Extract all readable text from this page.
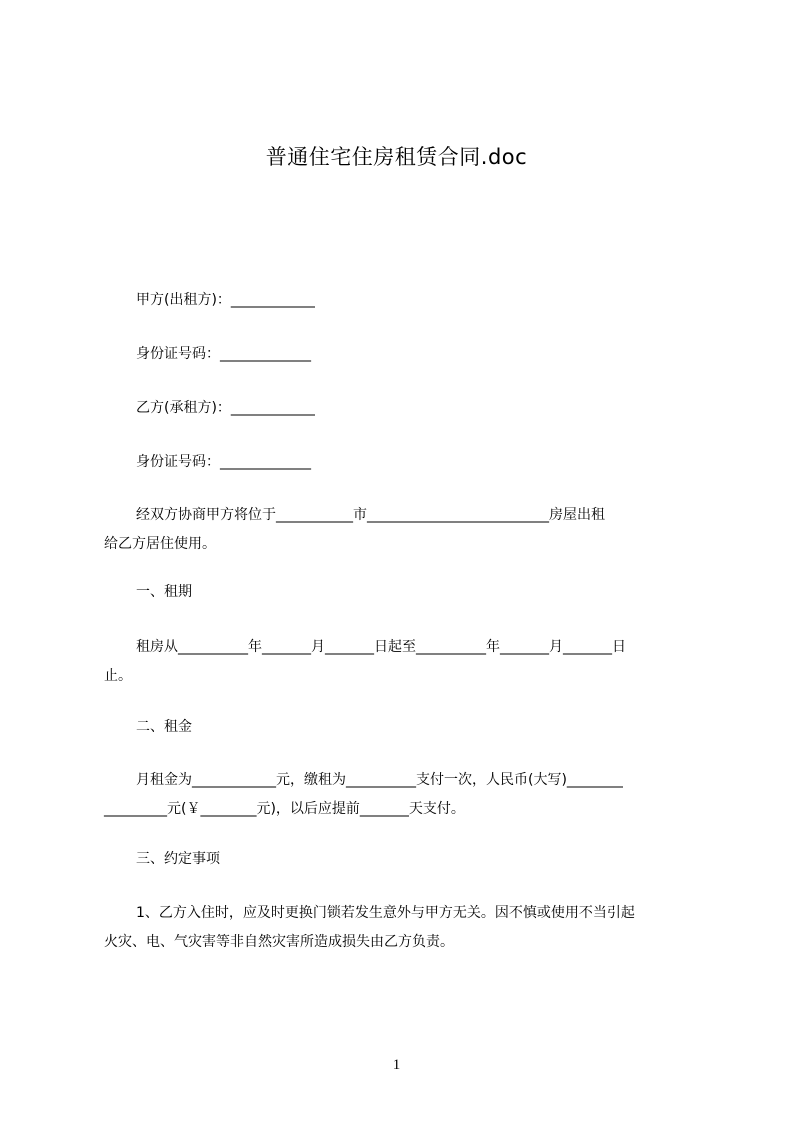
普通住宅住房租赁合同.doc
甲方(出租方)：____________
身份证号码：_____________
乙方(承租方)：____________
身份证号码：_____________
经双方协商甲方将位于___________市__________________________房屋出租
给乙方居住使用。
一、租期
租房从__________年_______月_______日起至__________年_______月_______日
止。
二、租金
月租金为____________元，缴租为__________支付一次，人民币(大写)________
_________元(￥________元)，以后应提前_______天支付。
三、约定事项
1、乙方入住时，应及时更换门锁若发生意外与甲方无关。因不慎或使用不当引起
火灾、电、气灾害等非自然灾害所造成损失由乙方负责。
1
